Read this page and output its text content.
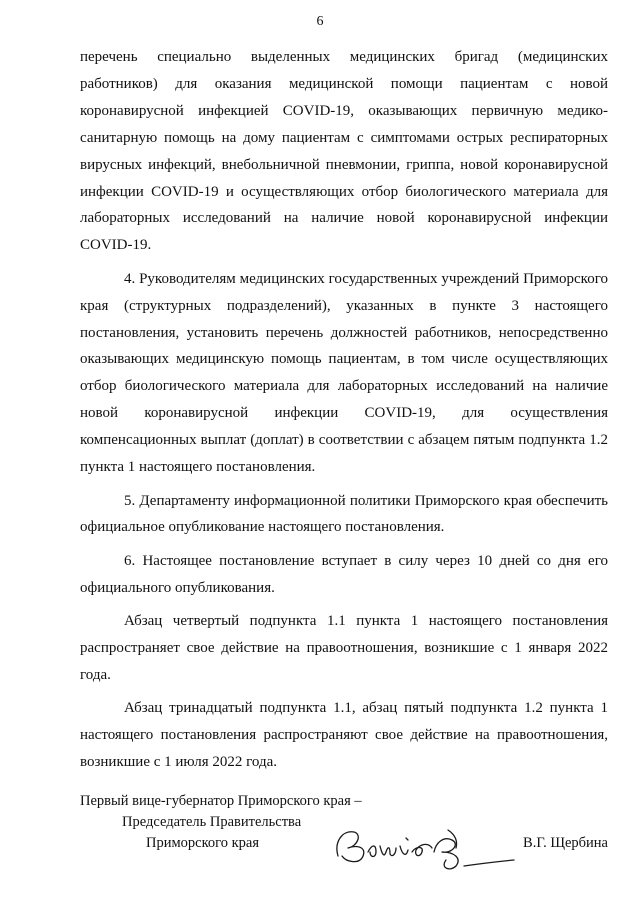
6

перечень специально выделенных медицинских бригад (медицинских работников) для оказания медицинской помощи пациентам с новой коронавирусной инфекцией COVID-19, оказывающих первичную медико-санитарную помощь на дому пациентам с симптомами острых респираторных вирусных инфекций, внебольничной пневмонии, гриппа, новой коронавирусной инфекции COVID-19 и осуществляющих отбор биологического материала для лабораторных исследований на наличие новой коронавирусной инфекции COVID-19.

4. Руководителям медицинских государственных учреждений Приморского края (структурных подразделений), указанных в пункте 3 настоящего постановления, установить перечень должностей работников, непосредственно оказывающих медицинскую помощь пациентам, в том числе осуществляющих отбор биологического материала для лабораторных исследований на наличие новой коронавирусной инфекции COVID-19, для осуществления компенсационных выплат (доплат) в соответствии с абзацем пятым подпункта 1.2 пункта 1 настоящего постановления.

5. Департаменту информационной политики Приморского края обеспечить официальное опубликование настоящего постановления.

6. Настоящее постановление вступает в силу через 10 дней со дня его официального опубликования.

Абзац четвертый подпункта 1.1 пункта 1 настоящего постановления распространяет свое действие на правоотношения, возникшие с 1 января 2022 года.

Абзац тринадцатый подпункта 1.1, абзац пятый подпункта 1.2 пункта 1 настоящего постановления распространяют свое действие на правоотношения, возникшие с 1 июля 2022 года.

Первый вице-губернатор Приморского края –
Председатель Правительства
Приморского края	В.Г. Щербина
